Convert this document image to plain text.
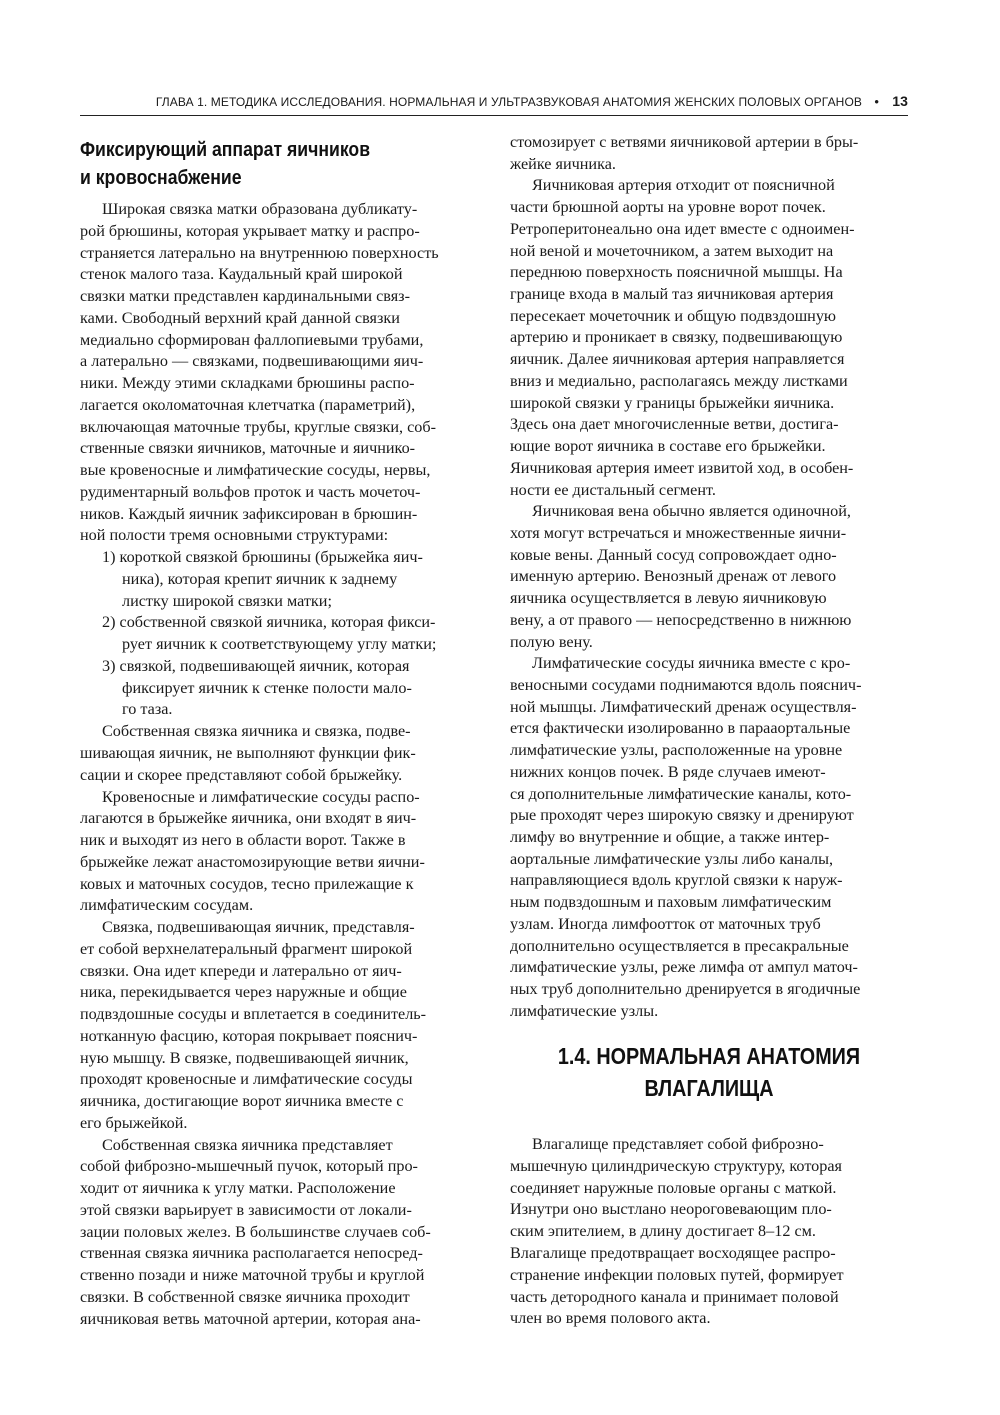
ГЛАВА 1. МЕТОДИКА ИССЛЕДОВАНИЯ. НОРМАЛЬНАЯ И УЛЬТРАЗВУКОВАЯ АНАТОМИЯ ЖЕНСКИХ ПОЛОВЫХ ОРГАНОВ • 13
Фиксирующий аппарат яичников
и кровоснабжение
Широкая связка матки образована дубликату-
рой брюшины, которая укрывает матку и распро-
страняется латерально на внутреннюю поверхность
стенок малого таза. Каудальный край широкой
связки матки представлен кардинальными связ-
ками. Свободный верхний край данной связки
медиально сформирован фаллопиевыми трубами,
а латерально — связками, подвешивающими яич-
ники. Между этими складками брюшины распо-
лагается околоматочная клетчатка (параметрий),
включающая маточные трубы, круглые связки, соб-
ственные связки яичников, маточные и яичнико-
вые кровеносные и лимфатические сосуды, нервы,
рудиментарный вольфов проток и часть мочеточ-
ников. Каждый яичник зафиксирован в брюшин-
ной полости тремя основными структурами:
1) короткой связкой брюшины (брыжейка яич-
ника), которая крепит яичник к заднему
листку широкой связки матки;
2) собственной связкой яичника, которая фикси-
рует яичник к соответствующему углу матки;
3) связкой, подвешивающей яичник, которая
фиксирует яичник к стенке полости мало-
го таза.
Собственная связка яичника и связка, подве-
шивающая яичник, не выполняют функции фик-
сации и скорее представляют собой брыжейку.
Кровеносные и лимфатические сосуды распо-
лагаются в брыжейке яичника, они входят в яич-
ник и выходят из него в области ворот. Также в
брыжейке лежат анастомозирующие ветви яични-
ковых и маточных сосудов, тесно прилежащие к
лимфатическим сосудам.
Связка, подвешивающая яичник, представля-
ет собой верхнелатеральный фрагмент широкой
связки. Она идет кпереди и латерально от яич-
ника, перекидывается через наружные и общие
подвздошные сосуды и вплетается в соединитель-
нотканную фасцию, которая покрывает пояснич-
ную мышцу. В связке, подвешивающей яичник,
проходят кровеносные и лимфатические сосуды
яичника, достигающие ворот яичника вместе с
его брыжейкой.
Собственная связка яичника представляет
собой фиброзно-мышечный пучок, который про-
ходит от яичника к углу матки. Расположение
этой связки варьирует в зависимости от локали-
зации половых желез. В большинстве случаев соб-
ственная связка яичника располагается непосред-
ственно позади и ниже маточной трубы и круглой
связки. В собственной связке яичника проходит
яичниковая ветвь маточной артерии, которая ана-
стомозирует с ветвями яичниковой артерии в бры-
жейке яичника.
Яичниковая артерия отходит от поясничной
части брюшной аорты на уровне ворот почек.
Ретроперитонеально она идет вместе с одноимен-
ной веной и мочеточником, а затем выходит на
переднюю поверхность поясничной мышцы. На
границе входа в малый таз яичниковая артерия
пересекает мочеточник и общую подвздошную
артерию и проникает в связку, подвешивающую
яичник. Далее яичниковая артерия направляется
вниз и медиально, располагаясь между листками
широкой связки у границы брыжейки яичника.
Здесь она дает многочисленные ветви, достига-
ющие ворот яичника в составе его брыжейки.
Яичниковая артерия имеет извитой ход, в особен-
ности ее дистальный сегмент.
Яичниковая вена обычно является одиночной,
хотя могут встречаться и множественные яични-
ковые вены. Данный сосуд сопровождает одно-
именную артерию. Венозный дренаж от левого
яичника осуществляется в левую яичниковую
вену, а от правого — непосредственно в нижнюю
полую вену.
Лимфатические сосуды яичника вместе с кро-
веносными сосудами поднимаются вдоль пояснич-
ной мышцы. Лимфатический дренаж осуществля-
ется фактически изолированно в парааортальные
лимфатические узлы, расположенные на уровне
нижних концов почек. В ряде случаев имеют-
ся дополнительные лимфатические каналы, кото-
рые проходят через широкую связку и дренируют
лимфу во внутренние и общие, а также интер-
аортальные лимфатические узлы либо каналы,
направляющиеся вдоль круглой связки к наруж-
ным подвздошным и паховым лимфатическим
узлам. Иногда лимфоотток от маточных труб
дополнительно осуществляется в пресакральные
лимфатические узлы, реже лимфа от ампул маточ-
ных труб дополнительно дренируется в ягодичные
лимфатические узлы.
Влагалище представляет собой фиброзно-
мышечную цилиндрическую структуру, которая
соединяет наружные половые органы с маткой.
Изнутри оно выстлано неороговевающим пло-
ским эпителием, в длину достигает 8–12 см.
Влагалище предотвращает восходящее распро-
странение инфекции половых путей, формирует
часть детородного канала и принимает половой
член во время полового акта.
1.4. НОРМАЛЬНАЯ АНАТОМИЯ
ВЛАГАЛИЩА
